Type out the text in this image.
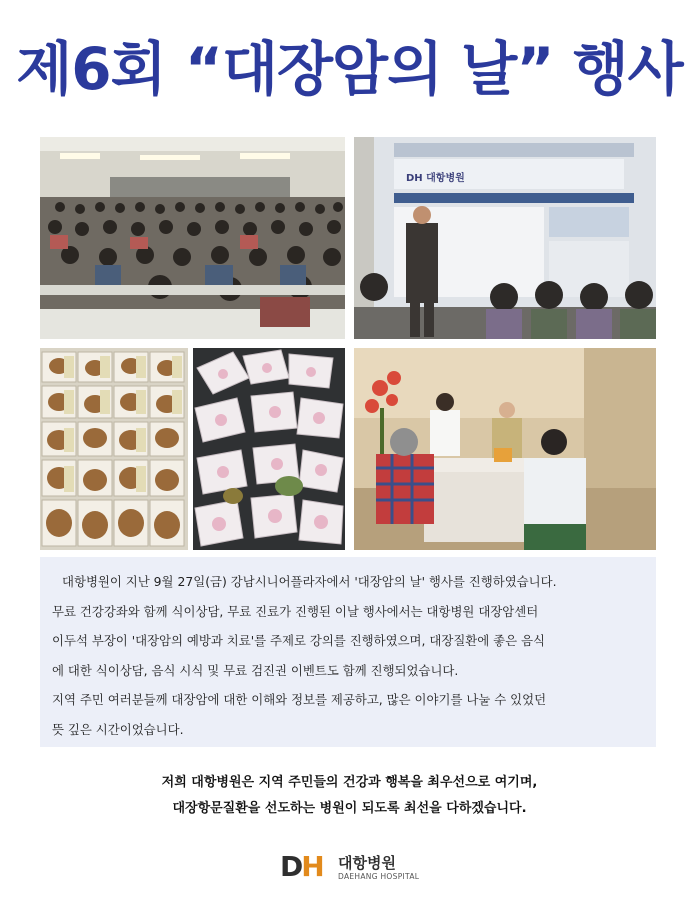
제6회 “대장암의 날” 행사
DH 대항병원

대항병원이 지난 9월 27일(금) 강남시니어플라자에서 '대장암의 날' 행사를 진행하였습니다.

무료 건강강좌와 함께 식이상담, 무료 진료가 진행된 이날 행사에서는 대항병원 대장암센터

이두석 부장이 '대장암의 예방과 치료'를 주제로 강의를 진행하였으며, 대장질환에 좋은 음식

에 대한 식이상담, 음식 시식 및 무료 검진권 이벤트도 함께 진행되었습니다.

지역 주민 여러분들께 대장암에 대한 이해와 정보를 제공하고, 많은 이야기를 나눌 수 있었던

뜻 깊은 시간이었습니다.

저희 대항병원은 지역 주민들의 건강과 행복을 최우선으로 여기며,
대장항문질환을 선도하는 병원이 되도록 최선을 다하겠습니다.
DH 대항병원
DAEHANG HOSPITAL
